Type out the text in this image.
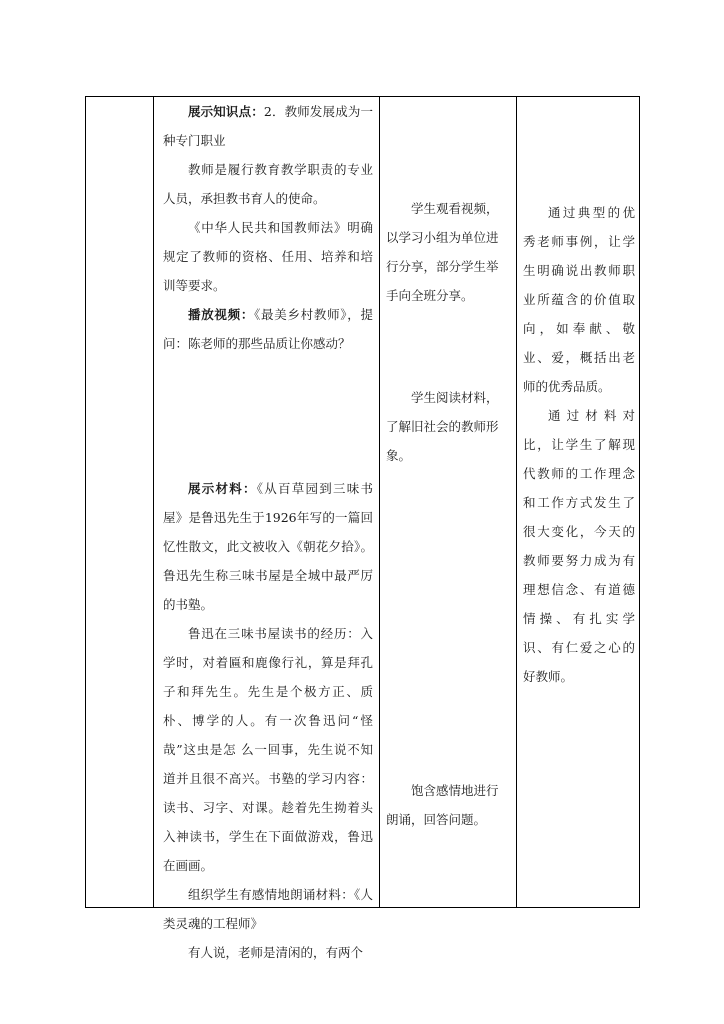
展示知识点：2．教师发展成为一种专门职业

教师是履行教育教学职责的专业人员，承担教书育人的使命。

《中华人民共和国教师法》明确规定了教师的资格、任用、培养和培训等要求。

播放视频：《最美乡村教师》，提问：陈老师的那些品质让你感动？

展示材料：《从百草园到三味书屋》是鲁迅先生于1926年写的一篇回忆性散文，此文被收入《朝花夕拾》。鲁迅先生称三味书屋是全城中最严厉的书塾。

鲁迅在三味书屋读书的经历：入学时，对着匾和鹿像行礼，算是拜孔子和拜先生。先生是个极方正、质朴、博学的人。有一次鲁迅问“怪哉”这虫是怎 么一回事，先生说不知道并且很不高兴。书塾的学习内容：读书、习字、对课。趁着先生拗着头入神读书，学生在下面做游戏，鲁迅在画画。

组织学生有感情地朗诵材料：《人类灵魂的工程师》

有人说，老师是清闲的，有两个

学生观看视频，以学习小组为单位进行分享，部分学生举手向全班分享。

学生阅读材料，了解旧社会的教师形象。

饱含感情地进行朗诵，回答问题。

通过典型的优秀老师事例，让学生明确说出教师职业所蕴含的价值取向，如奉献、敬业、爱，概括出老师的优秀品质。

通过材料对比，让学生了解现代教师的工作理念和工作方式发生了很大变化，今天的教师要努力成为有理想信念、有道德情操、有扎实学识、有仁爱之心的好教师。
